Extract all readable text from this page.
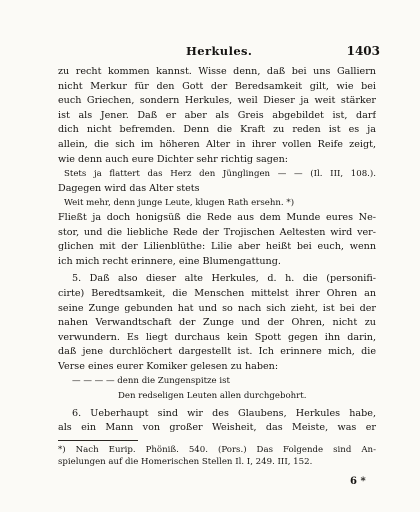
Herkules.	1403
zu recht kommen kannst. Wisse denn, daß bei uns Galliern
nicht Merkur für den Gott der Beredsamkeit gilt, wie bei
euch Griechen, sondern Herkules, weil Dieser ja weit stärker
ist als Jener. Daß er aber als Greis abgebildet ist, darf
dich nicht befremden. Denn die Kraft zu reden ist es ja
allein, die sich im höheren Alter in ihrer vollen Reife zeigt,
wie denn auch eure Dichter sehr richtig sagen:
Stets ja flattert das Herz den Jünglingen — — (Il. III, 108.).
Dagegen wird das Alter stets
Weit mehr, denn junge Leute, klugen Rath ersehn. *)
Fließt ja doch honigsüß die Rede aus dem Munde eures Ne-
stor, und die liebliche Rede der Trojischen Aeltesten wird ver-
glichen mit der Lilienblüthe: Lilie aber heißt bei euch, wenn
ich mich recht erinnere, eine Blumengattung.
5. Daß also dieser alte Herkules, d. h. die (personifi-
cirte) Beredtsamkeit, die Menschen mittelst ihrer Ohren an
seine Zunge gebunden hat und so nach sich zieht, ist bei der
nahen Verwandtschaft der Zunge und der Ohren, nicht zu
verwundern. Es liegt durchaus kein Spott gegen ihn darin,
daß jene durchlöchert dargestellt ist. Ich erinnere mich, die
Verse eines eurer Komiker gelesen zu haben:
— — — — denn die Zungenspitze ist
Den redseligen Leuten allen durchgebohrt.
6. Ueberhaupt sind wir des Glaubens, Herkules habe,
als ein Mann von großer Weisheit, das Meiste, was er
*) Nach Eurip. Phöniß. 540. (Pors.) Das Folgende sind An-
spielungen auf die Homerischen Stellen Il. I, 249. III, 152.
6 *
